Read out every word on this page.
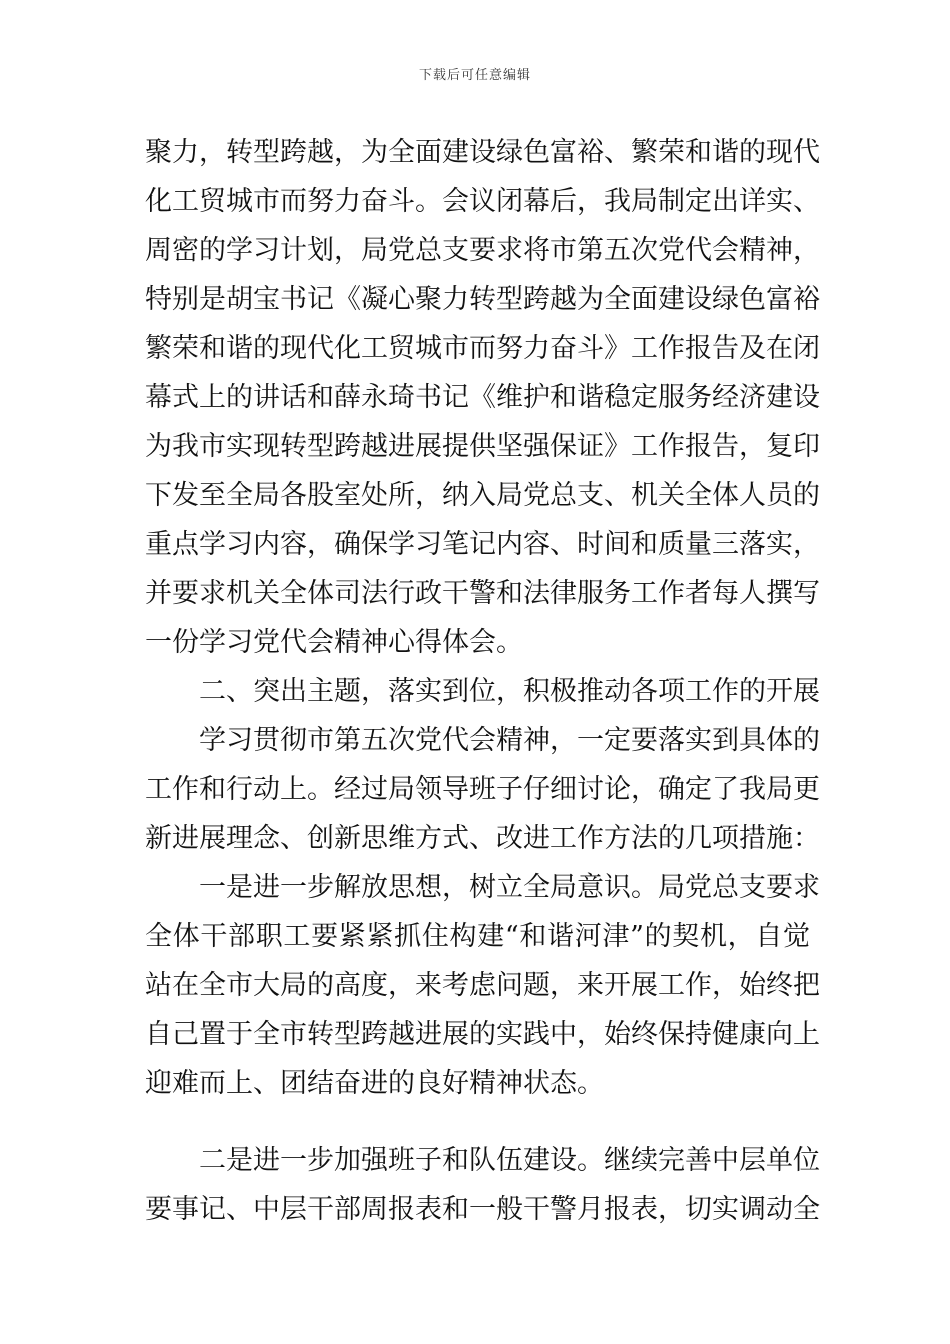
下载后可任意编辑
聚力，转型跨越，为全面建设绿色富裕、繁荣和谐的现代
化工贸城市而努力奋斗。会议闭幕后，我局制定出详实、
周密的学习计划，局党总支要求将市第五次党代会精神，
特别是胡宝书记《凝心聚力转型跨越为全面建设绿色富裕
繁荣和谐的现代化工贸城市而努力奋斗》工作报告及在闭
幕式上的讲话和薛永琦书记《维护和谐稳定服务经济建设
为我市实现转型跨越进展提供坚强保证》工作报告，复印
下发至全局各股室处所，纳入局党总支、机关全体人员的
重点学习内容，确保学习笔记内容、时间和质量三落实，
并要求机关全体司法行政干警和法律服务工作者每人撰写
一份学习党代会精神心得体会。
二、突出主题，落实到位，积极推动各项工作的开展
学习贯彻市第五次党代会精神，一定要落实到具体的
工作和行动上。经过局领导班子仔细讨论，确定了我局更
新进展理念、创新思维方式、改进工作方法的几项措施：
一是进一步解放思想，树立全局意识。局党总支要求
全体干部职工要紧紧抓住构建“和谐河津”的契机，自觉
站在全市大局的高度，来考虑问题，来开展工作，始终把
自己置于全市转型跨越进展的实践中，始终保持健康向上
迎难而上、团结奋进的良好精神状态。
二是进一步加强班子和队伍建设。继续完善中层单位
要事记、中层干部周报表和一般干警月报表，切实调动全
